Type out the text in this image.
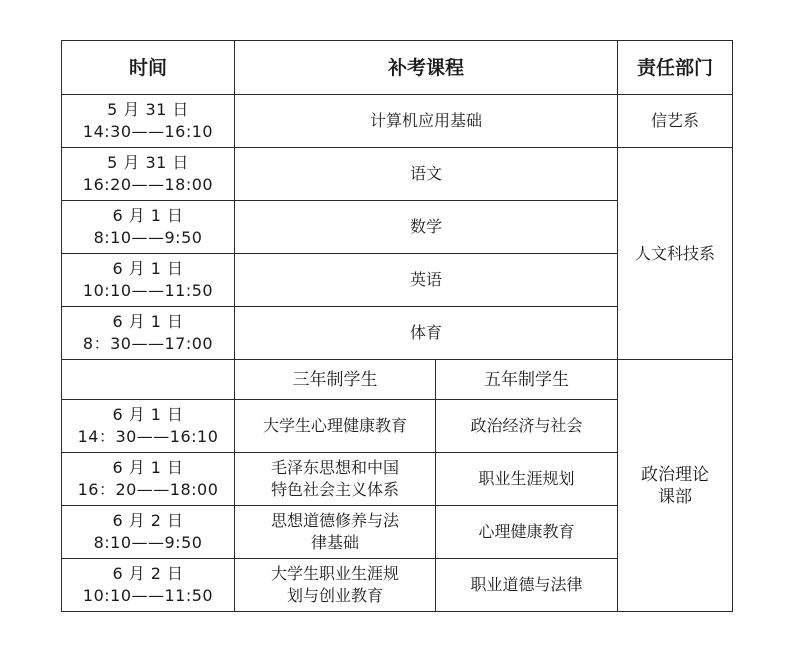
时间	补考课程		责任部门

5 月 31 日
14:30——16:10	计算机应用基础		信艺系

5 月 31 日
16:20——18:00	语文		人文科技系

6 月 1 日
8:10——9:50	数学		

6 月 1 日
10:10——11:50	英语		

6 月 1 日
8：30——17:00	体育		
	三年制学生	五年制学生	政治理论
课部

6 月 1 日
14：30——16:10	大学生心理健康教育	政治经济与社会	

6 月 1 日
16：20——18:00	毛泽东思想和中国
特色社会主义体系	职业生涯规划	

6 月 2 日
8:10——9:50	思想道德修养与法
律基础	心理健康教育	

6 月 2 日
10:10——11:50	大学生职业生涯规
划与创业教育	职业道德与法律	
